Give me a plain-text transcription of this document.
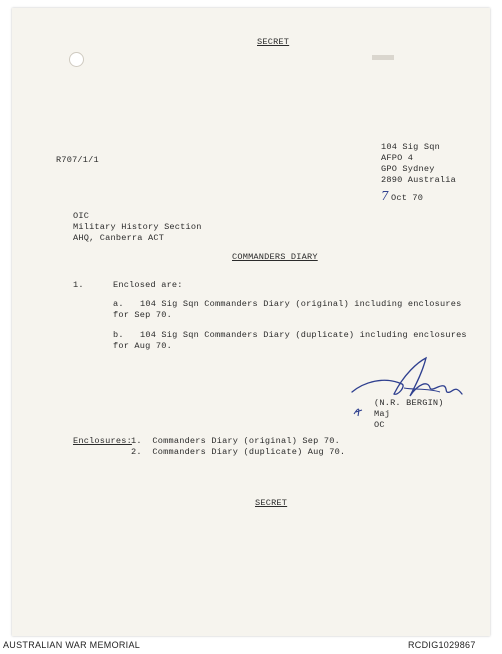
SECRET
R707/1/1
104 Sig Sqn
AFPO 4
GPO Sydney
2890 Australia
7 Oct 70
OIC
Military History Section
AHQ, Canberra ACT
COMMANDERS DIARY
1.	Enclosed are:
a. 104 Sig Sqn Commanders Diary (original) including enclosures
for Sep 70.
b. 104 Sig Sqn Commanders Diary (duplicate) including enclosures
for Aug 70.
(N.R. BERGIN)
Maj
OC
Enclosures: 1.  Commanders Diary (original) Sep 70.
2.  Commanders Diary (duplicate) Aug 70.
SECRET
AUSTRALIAN WAR MEMORIAL	RCDIG1029867
